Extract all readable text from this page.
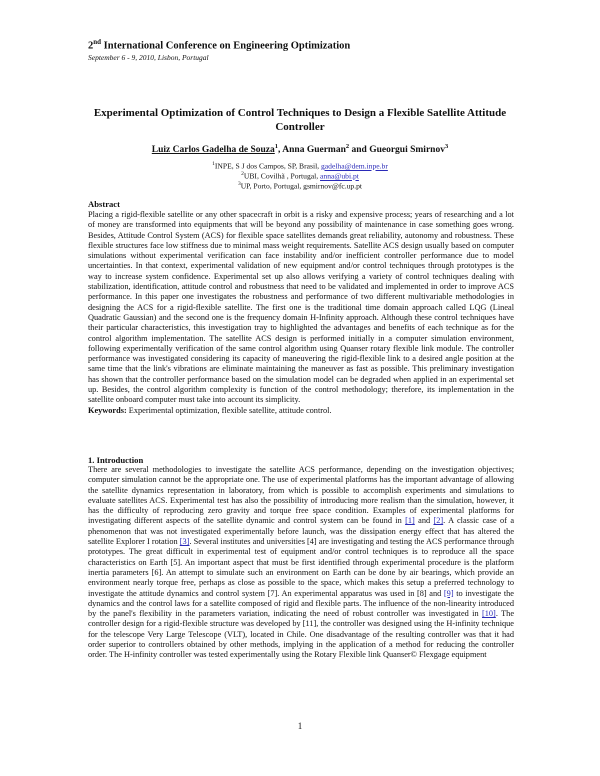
2nd International Conference on Engineering Optimization
September 6 - 9, 2010, Lisbon, Portugal
Experimental Optimization of Control Techniques to Design a Flexible Satellite Attitude Controller
Luiz Carlos Gadelha de Souza$^1$, Anna Guerman$^2$ and Gueorgui Smirnov$^3$
$^1$INPE, S J dos Campos, SP, Brasil, gadelha@dem.inpe.br
$^2$UBI, Covilhã , Portugal, anna@ubi.pt
$^3$UP, Porto, Portugal, gsmirnov@fc.up.pt
Abstract

Placing a rigid-flexible satellite or any other spacecraft in orbit is a risky and expensive process; years of researching and a lot of money are transformed into equipments that will be beyond any possibility of maintenance in case something goes wrong. Besides, Attitude Control System (ACS) for flexible space satellites demands great reliability, autonomy and robustness. These flexible structures face low stiffness due to minimal mass weight requirements. Satellite ACS design usually based on computer simulations without experimental verification can face instability and/or inefficient controller performance due to model uncertainties. In that context, experimental validation of new equipment and/or control techniques through prototypes is the way to increase system confidence. Experimental set up also allows verifying a variety of control techniques dealing with stabilization, identification, attitude control and robustness that need to be validated and implemented in order to improve ACS performance. In this paper one investigates the robustness and performance of two different multivariable methodologies in designing the ACS for a rigid-flexible satellite. The first one is the traditional time domain approach called LQG (Lineal Quadratic Gaussian) and the second one is the frequency domain H-Infinity approach. Although these control techniques have their particular characteristics, this investigation tray to highlighted the advantages and benefits of each technique as for the control algorithm implementation. The satellite ACS design is performed initially in a computer simulation environment, following experimentally verification of the same control algorithm using Quanser rotary flexible link module. The controller performance was investigated considering its capacity of maneuvering the rigid-flexible link to a desired angle position at the same time that the link's vibrations are eliminate maintaining the maneuver as fast as possible. This preliminary investigation has shown that the controller performance based on the simulation model can be degraded when applied in an experimental set up. Besides, the control algorithm complexity is function of the control methodology; therefore, its implementation in the satellite onboard computer must take into account its simplicity.

Keywords: Experimental optimization, flexible satellite, attitude control.

1. Introduction

There are several methodologies to investigate the satellite ACS performance, depending on the investigation objectives; computer simulation cannot be the appropriate one. The use of experimental platforms has the important advantage of allowing the satellite dynamics representation in laboratory, from which is possible to accomplish experiments and simulations to evaluate satellites ACS. Experimental test has also the possibility of introducing more realism than the simulation, however, it has the difficulty of reproducing zero gravity and torque free space condition. Examples of experimental platforms for investigating different aspects of the satellite dynamic and control system can be found in [1] and [2]. A classic case of a phenomenon that was not investigated experimentally before launch, was the dissipation energy effect that has altered the satellite Explorer I rotation [3]. Several institutes and universities [4] are investigating and testing the ACS performance through prototypes. The great difficult in experimental test of equipment and/or control techniques is to reproduce all the space characteristics on Earth [5]. An important aspect that must be first identified through experimental procedure is the platform inertia parameters [6]. An attempt to simulate such an environment on Earth can be done by air bearings, which provide an environment nearly torque free, perhaps as close as possible to the space, which makes this setup a preferred technology to investigate the attitude dynamics and control system [7]. An experimental apparatus was used in [8] and [9] to investigate the dynamics and the control laws for a satellite composed of rigid and flexible parts. The influence of the non-linearity introduced by the panel's flexibility in the parameters variation, indicating the need of robust controller was investigated in [10]. The controller design for a rigid-flexible structure was developed by [11], the controller was designed using the H-infinity technique for the telescope Very Large Telescope (VLT), located in Chile. One disadvantage of the resulting controller was that it had order superior to controllers obtained by other methods, implying in the application of a method for reducing the controller order. The H-infinity controller was tested experimentally using the Rotary Flexible link Quanser© Flexgage equipment

1
